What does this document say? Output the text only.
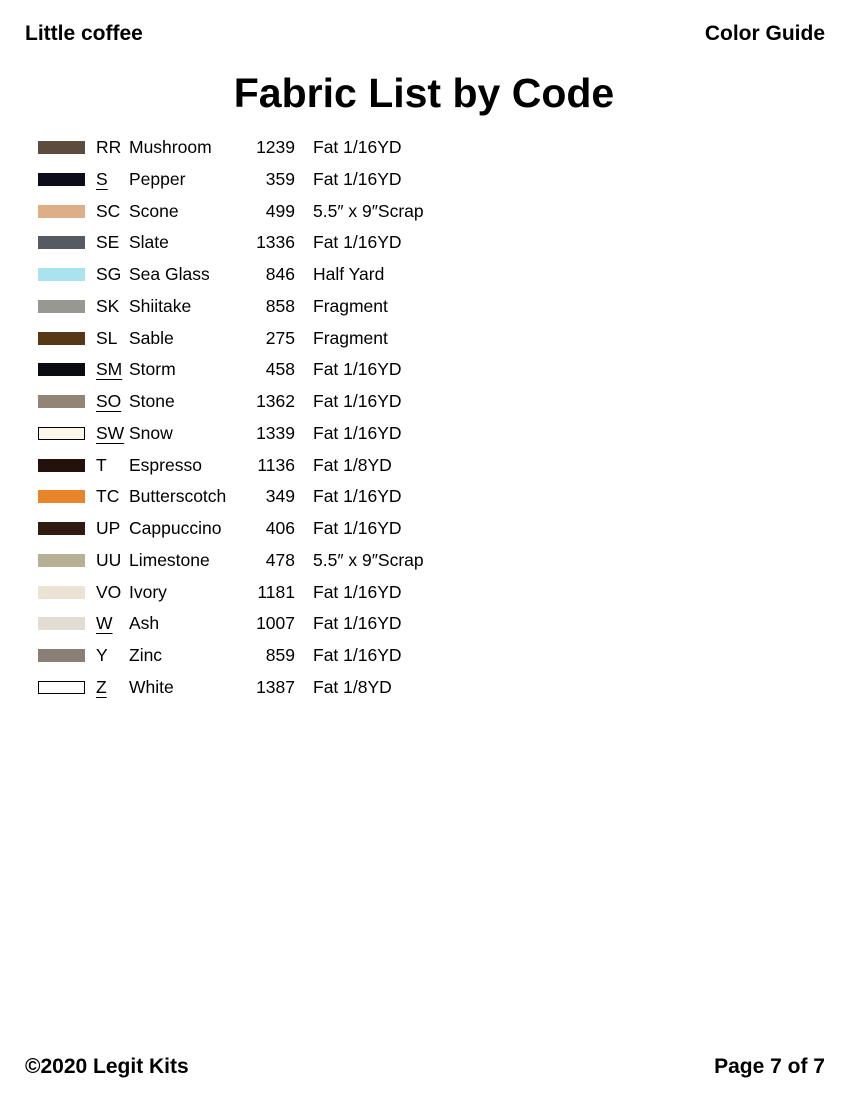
Little coffee	Color Guide
Fabric List by Code
RR Mushroom	1239 Fat 1/16YD
S Pepper	359 Fat 1/16YD
SC Scone	499 5.5″ x 9″Scrap
SE Slate	1336 Fat 1/16YD
SG Sea Glass	846 Half Yard
SK Shiitake	858 Fragment
SL Sable	275 Fragment
SM Storm	458 Fat 1/16YD
SO Stone	1362 Fat 1/16YD
SW Snow	1339 Fat 1/16YD
T Espresso	1136 Fat 1/8YD
TC Butterscotch	349 Fat 1/16YD
UP Cappuccino	406 Fat 1/16YD
UU Limestone	478 5.5″ x 9″Scrap
VO Ivory	1181 Fat 1/16YD
W Ash	1007 Fat 1/16YD
Y Zinc	859 Fat 1/16YD
Z White	1387 Fat 1/8YD
©2020 Legit Kits	Page 7 of 7
